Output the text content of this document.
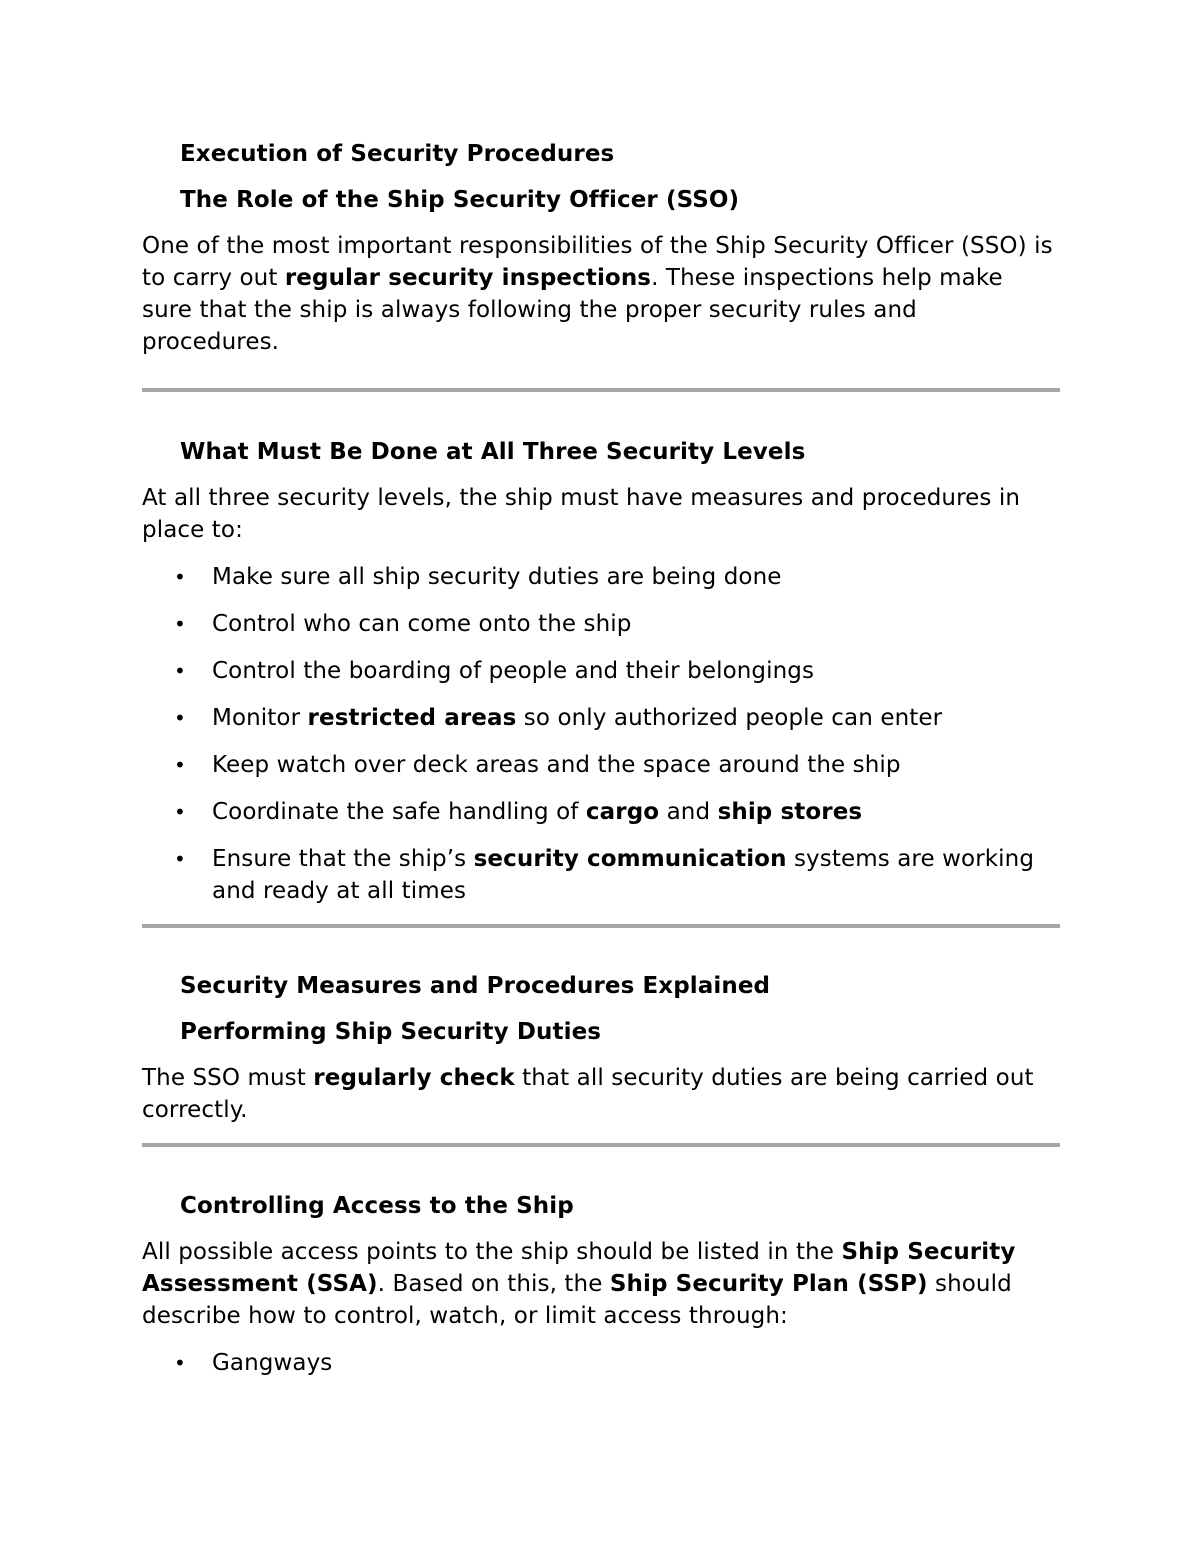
Execution of Security Procedures
The Role of the Ship Security Officer (SSO)

One of the most important responsibilities of the Ship Security Officer (SSO) is to carry out regular security inspections. These inspections help make sure that the ship is always following the proper security rules and procedures.

What Must Be Done at All Three Security Levels

At all three security levels, the ship must have measures and procedures in place to:

• Make sure all ship security duties are being done
• Control who can come onto the ship
• Control the boarding of people and their belongings
• Monitor restricted areas so only authorized people can enter
• Keep watch over deck areas and the space around the ship
• Coordinate the safe handling of cargo and ship stores
• Ensure that the ship’s security communication systems are working and ready at all times
Security Measures and Procedures Explained
Performing Ship Security Duties

The SSO must regularly check that all security duties are being carried out correctly.

Controlling Access to the Ship

All possible access points to the ship should be listed in the Ship Security Assessment (SSA). Based on this, the Ship Security Plan (SSP) should describe how to control, watch, or limit access through:

• Gangways
